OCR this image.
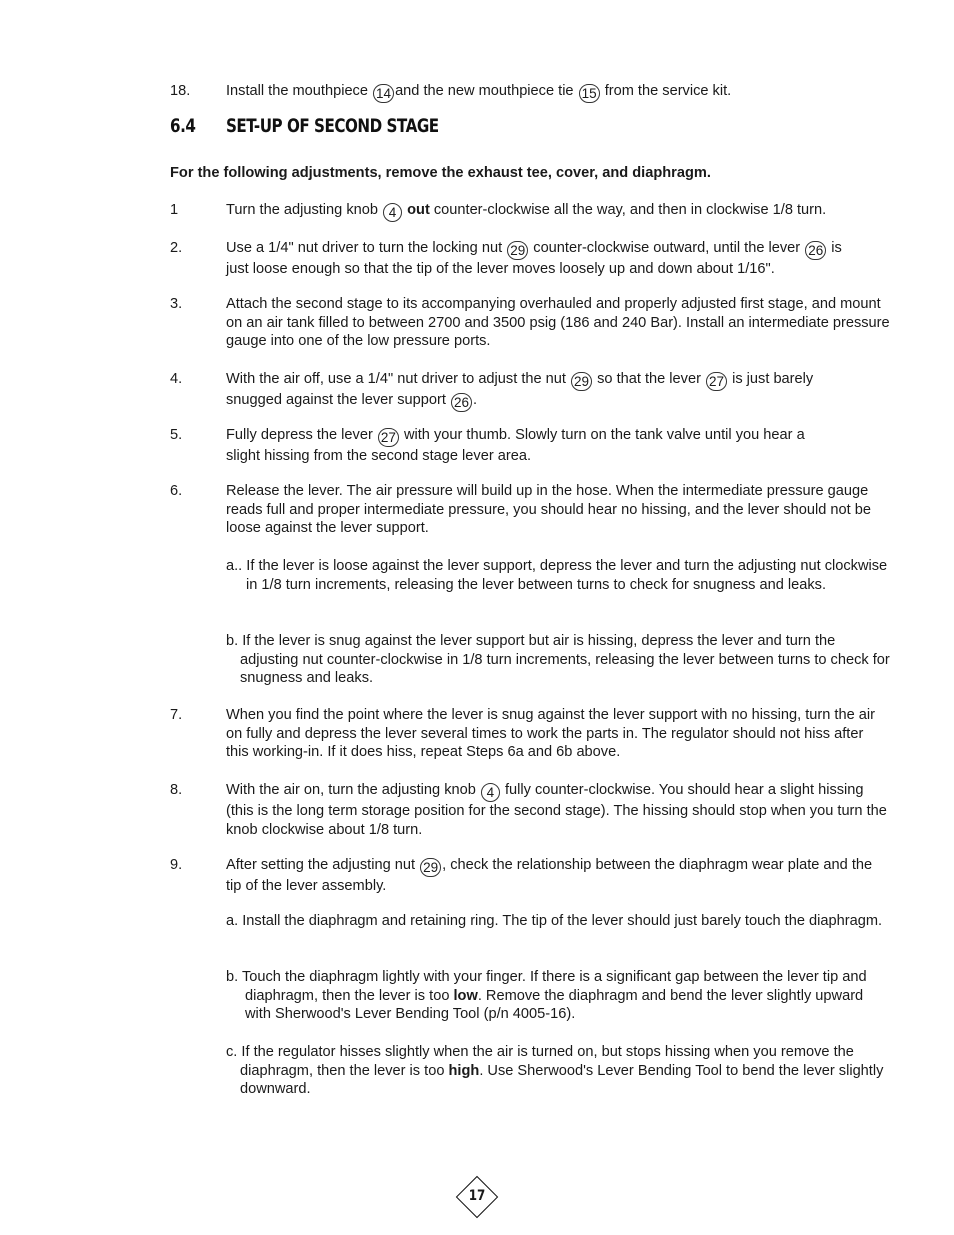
18. Install the mouthpiece 14 and the new mouthpiece tie 15 from the service kit.
6.4 SET-UP OF SECOND STAGE
For the following adjustments, remove the exhaust tee, cover, and diaphragm.
1	Turn the adjusting knob 4 out counter-clockwise all the way, and then in clockwise 1/8 turn.
2.	Use a 1/4" nut driver to turn the locking nut 29 counter-clockwise outward, until the lever 26 is
just loose enough so that the tip of the lever moves loosely up and down about 1/16".
3.	Attach the second stage to its accompanying overhauled and properly adjusted first stage, and mount on an air tank filled to between 2700 and 3500 psig (186 and 240 Bar). Install an intermediate pressure gauge into one of the low pressure ports.
4.	With the air off, use a 1/4" nut driver to adjust the nut 29 so that the lever 27 is just barely
snugged against the lever support 26 .
5.	Fully depress the lever 27 with your thumb. Slowly turn on the tank valve until you hear a
slight hissing from the second stage lever area.
6.	Release the lever. The air pressure will build up in the hose. When the intermediate pressure gauge reads full and proper intermediate pressure, you should hear no hissing, and the lever should not be loose against the lever support.
a.. If the lever is loose against the lever support, depress the lever and turn the adjusting nut clockwise in 1/8 turn increments, releasing the lever between turns to check for snugness and leaks.
b. If the lever is snug against the lever support but air is hissing, depress the lever and turn the adjusting nut counter-clockwise in 1/8 turn increments, releasing the lever between turns to check for snugness and leaks.
7.	When you find the point where the lever is snug against the lever support with no hissing, turn the air on fully and depress the lever several times to work the parts in. The regulator should not hiss after this working-in. If it does hiss, repeat Steps 6a and 6b above.
8.	With the air on, turn the adjusting knob 4 fully counter-clockwise. You should hear a slight hissing (this is the long term storage position for the second stage). The hissing should stop when you turn the knob clockwise about 1/8 turn.
9.	After setting the adjusting nut 29 , check the relationship between the diaphragm wear plate and the tip of the lever assembly.
a. Install the diaphragm and retaining ring. The tip of the lever should just barely touch the diaphragm.
b. Touch the diaphragm lightly with your finger. If there is a significant gap between the lever tip and diaphragm, then the lever is too low. Remove the diaphragm and bend the lever slightly upward with Sherwood's Lever Bending Tool (p/n 4005-16).
c. If the regulator hisses slightly when the air is turned on, but stops hissing when you remove the diaphragm, then the lever is too high. Use Sherwood's Lever Bending Tool to bend the lever slightly downward.
17
